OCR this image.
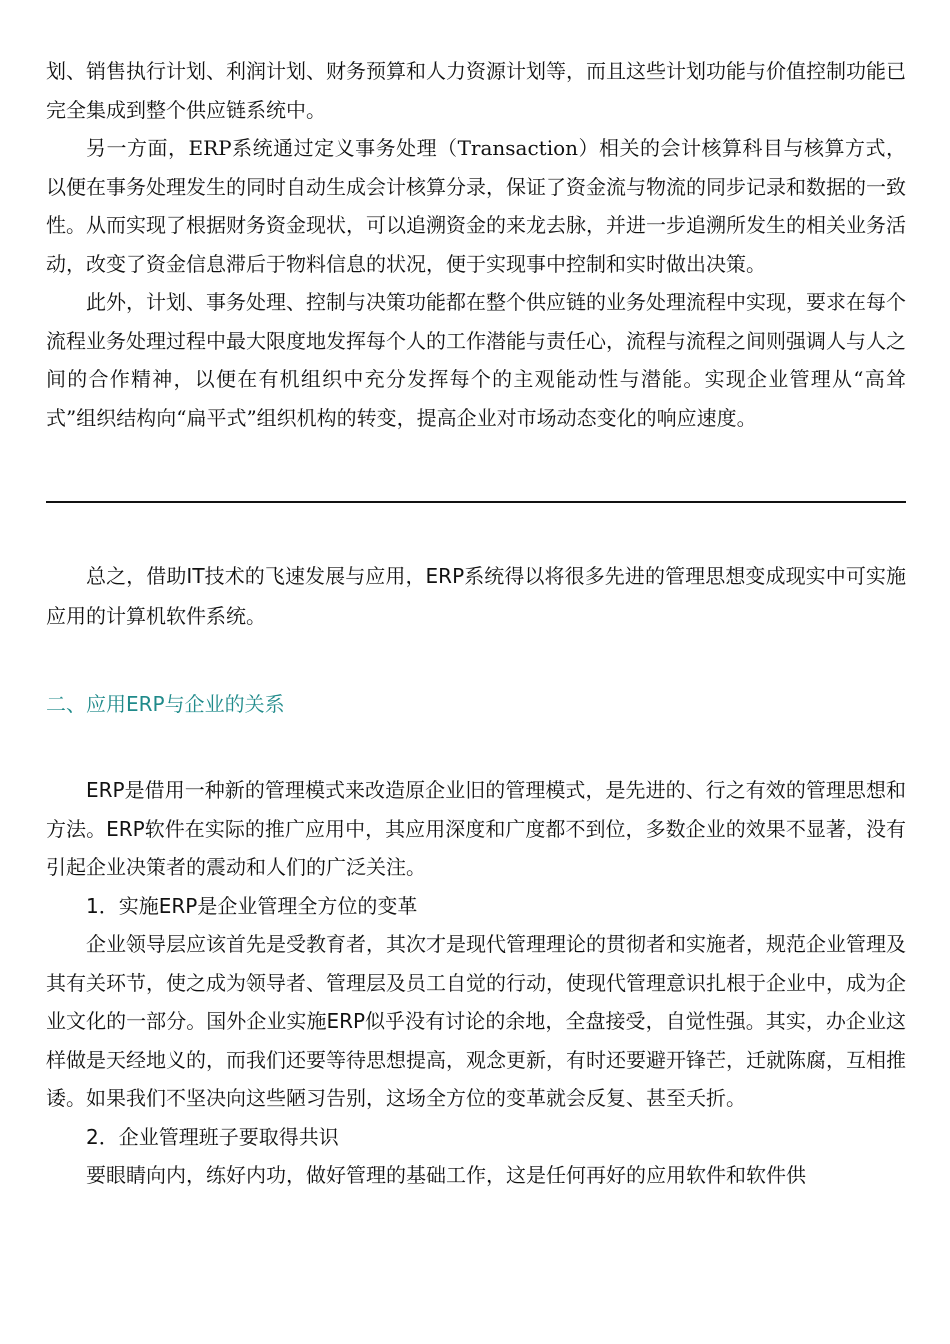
划、销售执行计划、利润计划、财务预算和人力资源计划等，而且这些计划功能与价值控制功能已完全集成到整个供应链系统中。

另一方面，ERP系统通过定义事务处理（Transaction）相关的会计核算科目与核算方式，以便在事务处理发生的同时自动生成会计核算分录，保证了资金流与物流的同步记录和数据的一致性。从而实现了根据财务资金现状，可以追溯资金的来龙去脉，并进一步追溯所发生的相关业务活动，改变了资金信息滞后于物料信息的状况，便于实现事中控制和实时做出决策。

此外，计划、事务处理、控制与决策功能都在整个供应链的业务处理流程中实现，要求在每个流程业务处理过程中最大限度地发挥每个人的工作潜能与责任心，流程与流程之间则强调人与人之间的合作精神，以便在有机组织中充分发挥每个的主观能动性与潜能。实现企业管理从“高耸式”组织结构向“扁平式”组织机构的转变，提高企业对市场动态变化的响应速度。

总之，借助IT技术的飞速发展与应用，ERP系统得以将很多先进的管理思想变成现实中可实施应用的计算机软件系统。

二、应用ERP与企业的关系

ERP是借用一种新的管理模式来改造原企业旧的管理模式，是先进的、行之有效的管理思想和方法。ERP软件在实际的推广应用中，其应用深度和广度都不到位，多数企业的效果不显著，没有引起企业决策者的震动和人们的广泛关注。

1．实施ERP是企业管理全方位的变革

企业领导层应该首先是受教育者，其次才是现代管理理论的贯彻者和实施者，规范企业管理及其有关环节，使之成为领导者、管理层及员工自觉的行动，使现代管理意识扎根于企业中，成为企业文化的一部分。国外企业实施ERP似乎没有讨论的余地，全盘接受，自觉性强。其实，办企业这样做是天经地义的，而我们还要等待思想提高，观念更新，有时还要避开锋芒，迁就陈腐，互相推诿。如果我们不坚决向这些陋习告别，这场全方位的变革就会反复、甚至夭折。

2．企业管理班子要取得共识

要眼睛向内，练好内功，做好管理的基础工作，这是任何再好的应用软件和软件供
